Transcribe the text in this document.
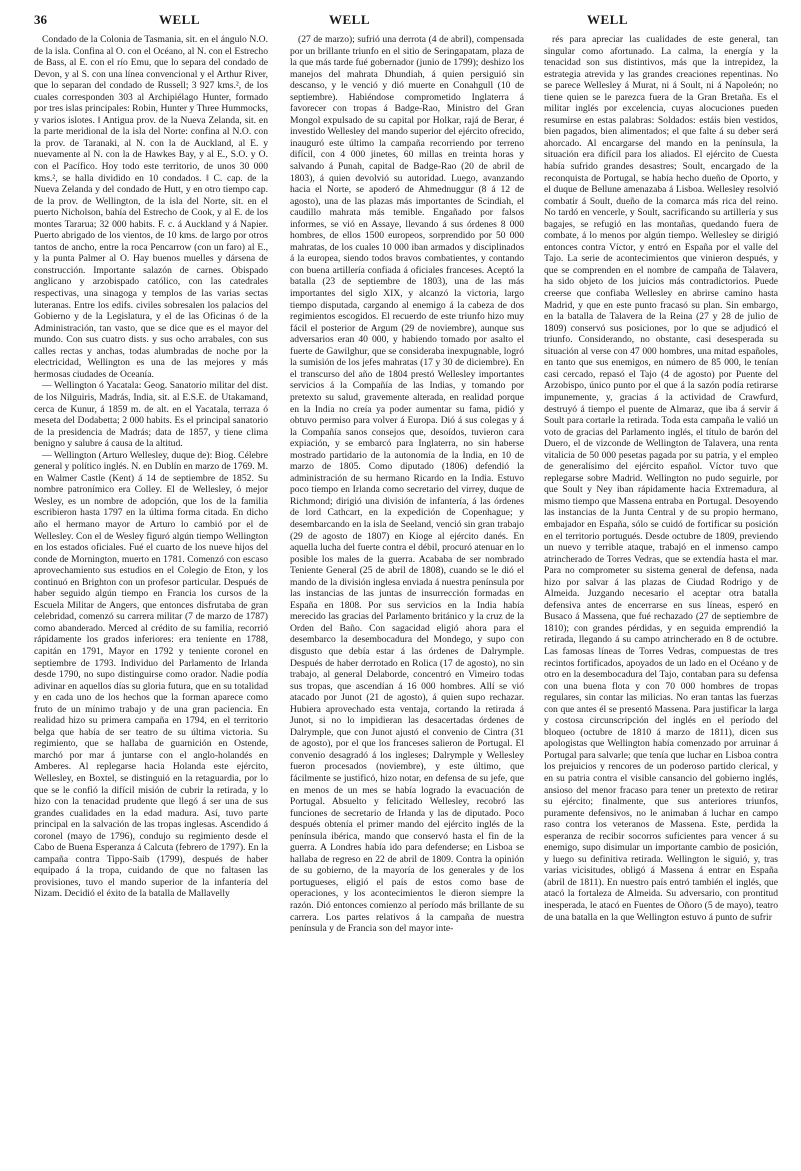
36	WELL	WELL	WELL

Condado de la Colonia de Tasmania, sit. en el ángulo N.O. de la isla. Confina al O. con el Océano, al N. con el Estrecho de Bass, al E. con el río Emu, que lo separa del condado de Devon, y al S. con una línea convencional y el Arthur River, que lo separan del condado de Russell; 3 927 kms.², de los cuales corresponden 303 al Archipiélago Hunter, formado por tres islas principales: Robin, Hunter y Three Hummocks, y varios islotes. ‖ Antigua prov. de la Nueva Zelanda, sit. en la parte meridional de la isla del Norte: confina al N.O. con la prov. de Taranaki, al N. con la de Auckland, al E. y nuevamente al N. con la de Hawkes Bay, y al E., S.O. y O. con el Pacífico. Hoy todo este territorio, de unos 30 000 kms.², se halla dividido en 10 condados. ‖ C. cap. de la Nueva Zelanda y del condado de Hutt, y en otro tiempo cap. de la prov. de Wellington, de la isla del Norte, sit. en el puerto Nicholson, bahía del Estrecho de Cook, y al E. de los montes Tararua; 32 000 habits. F. c. á Auckland y á Napier. Puerto abrigado de los vientos, de 10 kms. de largo por otros tantos de ancho, entre la roca Pencarrow (con un faro) al E., y la punta Palmer al O. Hay buenos muelles y dársena de construcción. Importante salazón de carnes. Obispado anglicano y arzobispado católico, con las catedrales respectivas, una sinagoga y templos de las varias sectas luteranas. Entre los edifs. civiles sobresalen los palacios del Gobierno y de la Legislatura, y el de las Oficinas ó de la Administración, tan vasto, que se dice que es el mayor del mundo. Con sus cuatro dists. y sus ocho arrabales, con sus calles rectas y anchas, todas alumbradas de noche por la electricidad, Wellington es una de las mejores y más hermosas ciudades de Oceanía.

— Wellington ó Yacatala: Geog. Sanatorio militar del dist. de los Nilguiris, Madrás, India, sit. al E.S.E. de Utakamand, cerca de Kunur, á 1859 m. de alt. en el Yacatala, terraza ó meseta del Dodabetta; 2 000 habits. Es el principal sanatorio de la presidencia de Madrás; data de 1857, y tiene clima benigno y salubre á causa de la altitud.

— Wellington (Arturo Wellesley, duque de): Biog. Célebre general y político inglés. N. en Dublín en marzo de 1769. M. en Walmer Castle (Kent) á 14 de septiembre de 1852. Su nombre patronímico era Colley. El de Wellesley, ó mejor Wesley, es un nombre de adopción, que los de la familia escribieron hasta 1797 en la última forma citada. En dicho año el hermano mayor de Arturo lo cambió por el de Wellesley. Con el de Wesley figuró algún tiempo Wellington en los estados oficiales. Fué el cuarto de los nueve hijos del conde de Mornington, muerto en 1781. Comenzó con escaso aprovechamiento sus estudios en el Colegio de Eton, y los continuó en Brighton con un profesor particular. Después de haber seguido algún tiempo en Francia los cursos de la Escuela Militar de Angers, que entonces disfrutaba de gran celebridad, comenzó su carrera militar (7 de marzo de 1787) como abanderado. Merced al crédito de su familia, recorrió rápidamente los grados inferiores: era teniente en 1788, capitán en 1791, Mayor en 1792 y teniente coronel en septiembre de 1793. Individuo del Parlamento de Irlanda desde 1790, no supo distinguirse como orador. Nadie podía adivinar en aquellos días su gloria futura, que en su totalidad y en cada uno de los hechos que la forman aparece como fruto de un mínimo trabajo y de una gran paciencia. En realidad hizo su primera campaña en 1794, en el territorio belga que había de ser teatro de su última victoria. Su regimiento, que se hallaba de guarnición en Ostende, marchó por mar á juntarse con el anglo-holandés en Amberes. Al replegarse hacia Holanda este ejército, Wellesley, en Boxtel, se distinguió en la retaguardia, por lo que se le confió la difícil misión de cubrir la retirada, y lo hizo con la tenacidad prudente que llegó á ser una de sus grandes cualidades en la edad madura. Así, tuvo parte principal en la salvación de las tropas inglesas. Ascendido á coronel (mayo de 1796), condujo su regimiento desde el Cabo de Buena Esperanza á Calcuta (febrero de 1797). En la campaña contra Tippo-Saib (1799), después de haber equipado á la tropa, cuidando de que no faltasen las provisiones, tuvo el mando superior de la infantería del Nizam. Decidió el éxito de la batalla de Mallavelly

(27 de marzo); sufrió una derrota (4 de abril), compensada por un brillante triunfo en el sitio de Seringapatam, plaza de la que más tarde fué gobernador (junio de 1799); deshizo los manejos del mahrata Dhundiah, á quien persiguió sin descanso, y le venció y dió muerte en Conahgull (10 de septiembre). Habiéndose comprometido Inglaterra á favorecer con tropas á Badge-Rao, Ministro del Gran Mongol expulsado de su capital por Holkar, rajá de Berar, é investido Wellesley del mando superior del ejército ofrecido, inauguró este último la campaña recorriendo por terreno difícil, con 4 000 jinetes, 60 millas en treinta horas y salvando á Punah, capital de Badge-Rao (20 de abril de 1803), á quien devolvió su autoridad. Luego, avanzando hacia el Norte, se apoderó de Ahmednuggur (8 á 12 de agosto), una de las plazas más importantes de Scindiah, el caudillo mahrata más temible. Engañado por falsos informes, se vió en Assaye, llevando á sus órdenes 8 000 hombres, de ellos 1500 europeos, sorprendido por 50 000 mahratas, de los cuales 10 000 iban armados y disciplinados á la europea, siendo todos bravos combatientes, y contando con buena artillería confiada á oficiales franceses. Aceptó la batalla (23 de septiembre de 1803), una de las más importantes del siglo XIX, y alcanzó la victoria, largo tiempo disputada, cargando al enemigo á la cabeza de dos regimientos escogidos. El recuerdo de este triunfo hizo muy fácil el posterior de Argum (29 de noviembre), aunque sus adversarios eran 40 000, y habiendo tomado por asalto el fuerte de Gawilghur, que se consideraba inexpugnable, logró la sumisión de los jefes mahratas (17 y 30 de diciembre). En el transcurso del año de 1804 prestó Wellesley importantes servicios á la Compañía de las Indias, y tomando por pretexto su salud, gravemente alterada, en realidad porque en la India no creía ya poder aumentar su fama, pidió y obtuvo permiso para volver á Europa. Dió á sus colegas y á la Compañía sanos consejos que, desoídos, tuvieron cara expiación, y se embarcó para Inglaterra, no sin haberse mostrado partidario de la autonomía de la India, en 10 de marzo de 1805. Como diputado (1806) defendió la administración de su hermano Ricardo en la India. Estuvo poco tiempo en Irlanda como secretario del virrey, duque de Richmond; dirigió una división de infantería, á las órdenes de lord Cathcart, en la expedición de Copenhague; y desembarcando en la isla de Seeland, venció sin gran trabajo (29 de agosto de 1807) en Kioge al ejército danés. En aquella lucha del fuerte contra el débil, procuró atenuar en lo posible los males de la guerra. Acababa de ser nombrado Teniente General (25 de abril de 1808), cuando se le dió el mando de la división inglesa enviada á nuestra península por las instancias de las juntas de insurrección formadas en España en 1808. Por sus servicios en la India había merecido las gracias del Parlamento británico y la cruz de la Orden del Baño. Con sagacidad eligió ahora para el desembarco la desembocadura del Mondego, y supo con disgusto que debía estar á las órdenes de Dalrymple. Después de haber derrotado en Rolica (17 de agosto), no sin trabajo, al general Delaborde, concentró en Vimeiro todas sus tropas, que ascendían á 16 000 hombres. Allí se vió atacado por Junot (21 de agosto), á quien supo rechazar. Hubiera aprovechado esta ventaja, cortando la retirada á Junot, si no lo impidieran las desacertadas órdenes de Dalrymple, que con Junot ajustó el convenio de Cintra (31 de agosto), por el que los franceses salieron de Portugal. El convenio desagradó á los ingleses; Dalrymple y Wellesley fueron procesados (noviembre), y este último, que fácilmente se justificó, hizo notar, en defensa de su jefe, que en menos de un mes se había logrado la evacuación de Portugal. Absuelto y felicitado Wellesley, recobró las funciones de secretario de Irlanda y las de diputado. Poco después obtenía el primer mando del ejército inglés de la península ibérica, mando que conservó hasta el fin de la guerra. A Londres había ido para defenderse; en Lisboa se hallaba de regreso en 22 de abril de 1809. Contra la opinión de su gobierno, de la mayoría de los generales y de los portugueses, eligió el país de estos como base de operaciones, y los acontecimientos le dieron siempre la razón. Dió entonces comienzo al período más brillante de su carrera. Los partes relativos á la campaña de nuestra península y de Francia son del mayor inte-

rés para apreciar las cualidades de este general, tan singular como afortunado. La calma, la energía y la tenacidad son sus distintivos, más que la intrepidez, la estrategia atrevida y las grandes creaciones repentinas. No se parece Wellesley á Murat, ni á Soult, ni á Napoleón; no tiene quien se le parezca fuera de la Gran Bretaña. Es el militar inglés por excelencia, cuyas alocuciones pueden resumirse en estas palabras: Soldados: estáis bien vestidos, bien pagados, bien alimentados; el que falte á su deber será ahorcado. Al encargarse del mando en la península, la situación era difícil para los aliados. El ejército de Cuesta había sufrido grandes desastres; Soult, encargado de la reconquista de Portugal, se había hecho dueño de Oporto, y el duque de Bellune amenazaba á Lisboa. Wellesley resolvió combatir á Soult, dueño de la comarca más rica del reino. No tardó en vencerle, y Soult, sacrificando su artillería y sus bagajes, se refugió en las montañas, quedando fuera de combate, á lo menos por algún tiempo. Wellesley se dirigió entonces contra Víctor, y entró en España por el valle del Tajo. La serie de acontecimientos que vinieron después, y que se comprenden en el nombre de campaña de Talavera, ha sido objeto de los juicios más contradictorios. Puede creerse que confiaba Wellesley en abrirse camino hasta Madrid, y que en este punto fracasó su plan. Sin embargo, en la batalla de Talavera de la Reina (27 y 28 de julio de 1809) conservó sus posiciones, por lo que se adjudicó el triunfo. Considerando, no obstante, casi desesperada su situación al verse con 47 000 hombres, una mitad españoles, en tanto que sus enemigos, en número de 85 000, le tenían casi cercado, repasó el Tajo (4 de agosto) por Puente del Arzobispo, único punto por el que á la sazón podía retirarse impunemente, y, gracias á la actividad de Crawfurd, destruyó á tiempo el puente de Almaraz, que iba á servir á Soult para cortarle la retirada. Toda esta campaña le valió un voto de gracias del Parlamento inglés, el título de barón del Duero, el de vizconde de Wellington de Talavera, una renta vitalicia de 50 000 pesetas pagada por su patria, y el empleo de generalísimo del ejército español. Víctor tuvo que replegarse sobre Madrid. Wellington no pudo seguirle, por que Soult y Ney iban rápidamente hacia Extremadura, al mismo tiempo que Massena entraba en Portugal. Desoyendo las instancias de la Junta Central y de su propio hermano, embajador en España, sólo se cuidó de fortificar su posición en el territorio portugués. Desde octubre de 1809, previendo un nuevo y terrible ataque, trabajó en el inmenso campo atrincherado de Torres Vedras, que se extendía hasta el mar. Para no comprometer su sistema general de defensa, nada hizo por salvar á las plazas de Ciudad Rodrigo y de Almeida. Juzgando necesario el aceptar otra batalla defensiva antes de encerrarse en sus líneas, esperó en Busaco á Massena, que fué rechazado (27 de septiembre de 1810); con grandes pérdidas, y en seguida emprendió la retirada, llegando á su campo atrincherado en 8 de octubre. Las famosas líneas de Torres Vedras, compuestas de tres recintos fortificados, apoyados de un lado en el Océano y de otro en la desembocadura del Tajo, contaban para su defensa con una buena flota y con 70 000 hombres de tropas regulares, sin contar las milicias. No eran tantas las fuerzas con que antes él se presentó Massena. Para justificar la larga y costosa circunscripción del inglés en el período del bloqueo (octubre de 1810 á marzo de 1811), dicen sus apologistas que Wellington había comenzado por arruinar á Portugal para salvarle; que tenía que luchar en Lisboa contra los prejuicios y rencores de un poderoso partido clerical, y en su patria contra el visible cansancio del gobierno inglés, ansioso del menor fracaso para tener un pretexto de retirar su ejército; finalmente, que sus anteriores triunfos, puramente defensivos, no le animaban á luchar en campo raso contra los veteranos de Massena. Este, perdida la esperanza de recibir socorros suficientes para vencer á su enemigo, supo disimular un importante cambio de posición, y luego su definitiva retirada. Wellington le siguió, y, tras varias vicisitudes, obligó á Massena á entrar en España (abril de 1811). En nuestro país entró también el inglés, que atacó la fortaleza de Almeida. Su adversario, con prontitud inesperada, le atacó en Fuentes de Oñoro (5 de mayo), teatro de una batalla en la que Wellington estuvo á punto de sufrir
